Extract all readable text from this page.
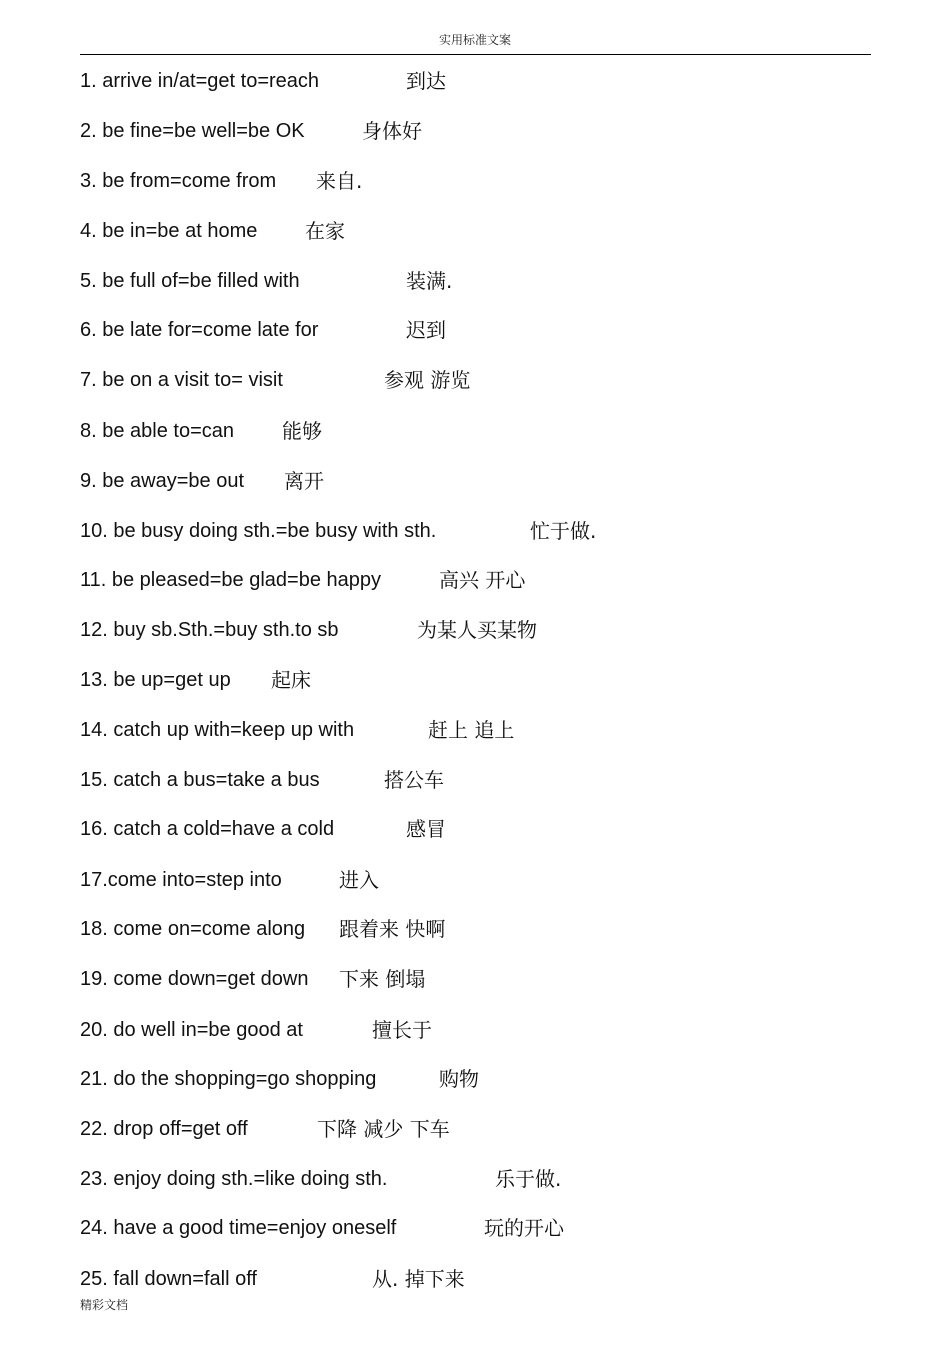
实用标准文案
1. arrive in/at=get to=reach	到达
2. be fine=be well=be OK	身体好
3. be from=come from 来自.
4. be in=be at home 在家
5. be full of=be filled with	装满.
6. be late for=come late for	迟到
7. be on a visit to= visit	参观 游览
8. be able to=can 能够
9. be away=be out 离开
10. be busy doing sth.=be busy with sth.	忙于做.
11. be pleased=be glad=be happy	高兴 开心
12. buy sb.Sth.=buy sth.to sb	为某人买某物
13. be up=get up 起床
14. catch up with=keep up with	赶上 追上
15. catch a bus=take a bus	搭公车
16. catch a cold=have a cold	感冒
17.come into=step into	进入
18. come on=come along 跟着来 快啊
19. come down=get down 下来 倒塌
20. do well in=be good at	擅长于
21. do the shopping=go shopping	购物
22. drop off=get off	下降 减少 下车
23. enjoy doing sth.=like doing sth.	乐于做.
24. have a good time=enjoy oneself	玩的开心
25. fall down=fall off	从. 掉下来
精彩文档
